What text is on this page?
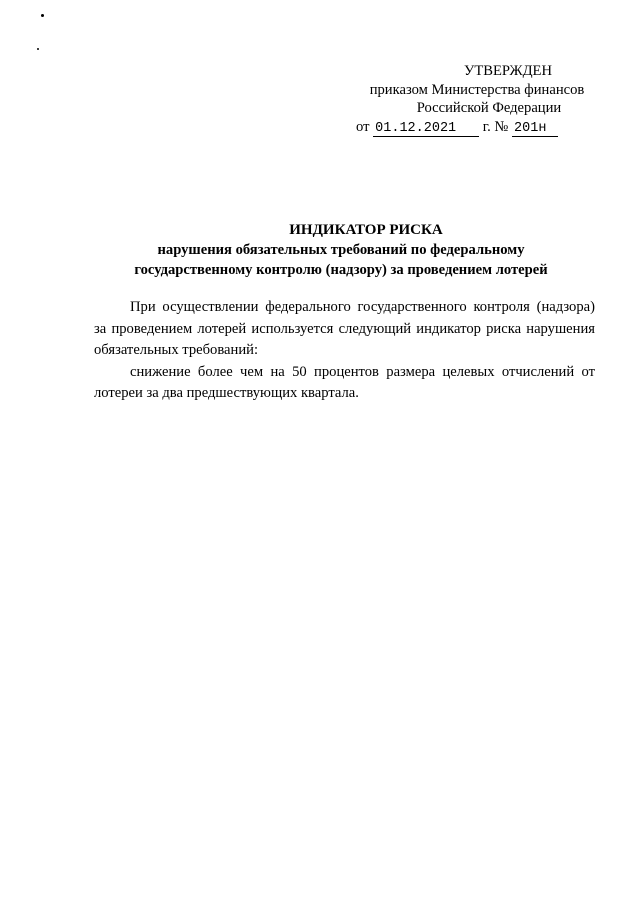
УТВЕРЖДЕН
приказом Министерства финансов
Российской Федерации
от 01.12.2021 г. № 201н
ИНДИКАТОР РИСКА
нарушения обязательных требований по федеральному
государственному контролю (надзору) за проведением лотерей

При осуществлении федерального государственного контроля (надзора) за проведением лотерей используется следующий индикатор риска нарушения обязательных требований:

снижение более чем на 50 процентов размера целевых отчислений от лотереи за два предшествующих квартала.
